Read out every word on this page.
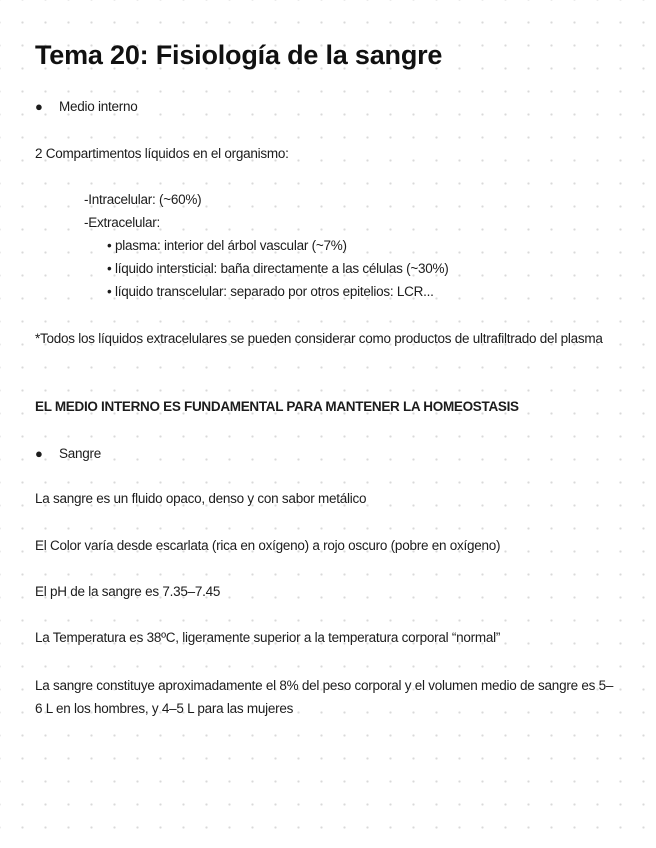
Tema 20: Fisiología de la sangre
● Medio interno
2 Compartimentos líquidos en el organismo:
-Intracelular: (~60%)
-Extracelular:
• plasma: interior del árbol vascular (~7%)
• líquido intersticial: baña directamente a las células (~30%)
• líquido transcelular: separado por otros epitelios: LCR...

*Todos los líquidos extracelulares se pueden considerar como productos de ultrafiltrado del plasma

EL MEDIO INTERNO ES FUNDAMENTAL PARA MANTENER LA HOMEOSTASIS
● Sangre
La sangre es un fluido opaco, denso y con sabor metálico
El Color varía desde escarlata (rica en oxígeno) a rojo oscuro (pobre en oxígeno)
El pH de la sangre es 7.35–7.45
La Temperatura es 38ºC, ligeramente superior a la temperatura corporal “normal”

La sangre constituye aproximadamente el 8% del peso corporal y el volumen medio de sangre es 5–6 L en los hombres, y 4–5 L para las mujeres
